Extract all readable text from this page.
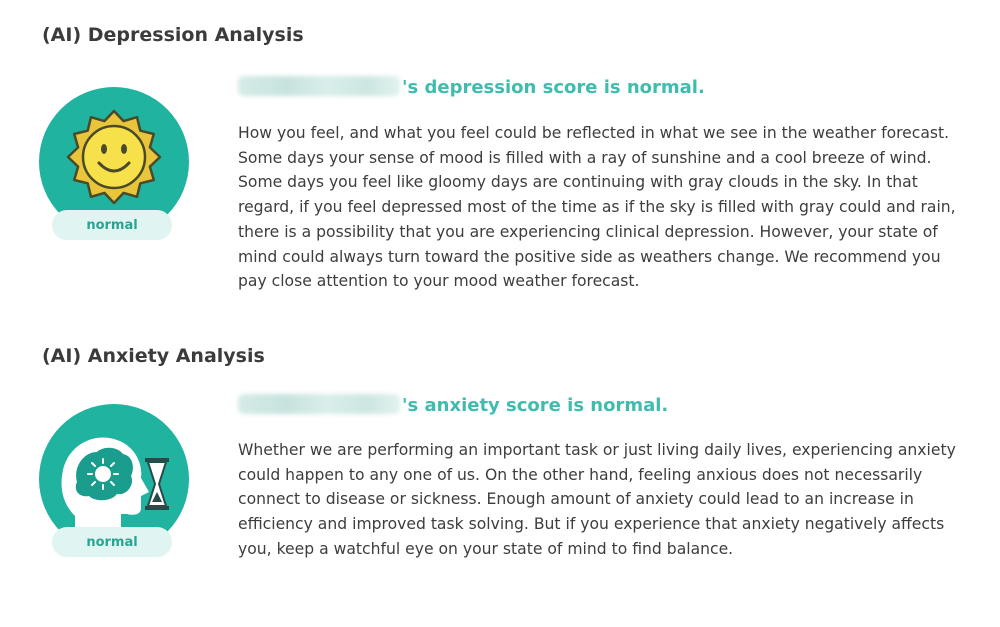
(AI) Depression Analysis
normal

's depression score is normal.

How you feel, and what you feel could be reflected in what we see in the weather forecast. Some days your sense of mood is filled with a ray of sunshine and a cool breeze of wind. Some days you feel like gloomy days are continuing with gray clouds in the sky. In that regard, if you feel depressed most of the time as if the sky is filled with gray could and rain, there is a possibility that you are experiencing clinical depression. However, your state of mind could always turn toward the positive side as weathers change. We recommend you pay close attention to your mood weather forecast.

(AI) Anxiety Analysis
normal

's anxiety score is normal.

Whether we are performing an important task or just living daily lives, experiencing anxiety could happen to any one of us. On the other hand, feeling anxious does not necessarily connect to disease or sickness. Enough amount of anxiety could lead to an increase in efficiency and improved task solving. But if you experience that anxiety negatively affects you, keep a watchful eye on your state of mind to find balance.
